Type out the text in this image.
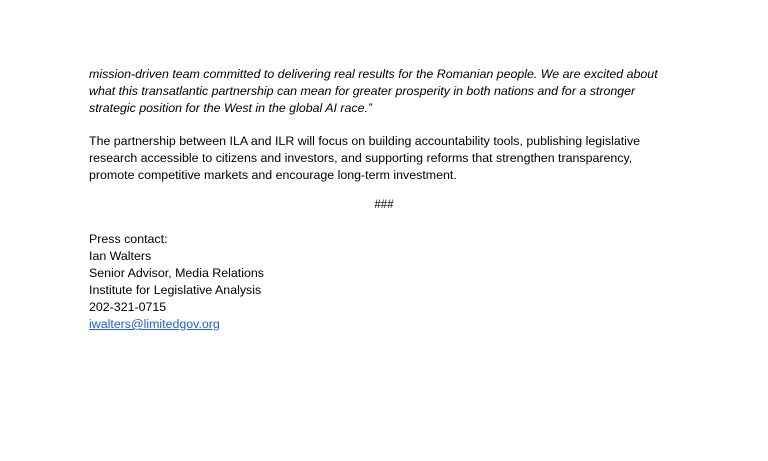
mission-driven team committed to delivering real results for the Romanian people. We are excited about
what this transatlantic partnership can mean for greater prosperity in both nations and for a stronger
strategic position for the West in the global AI race.”

The partnership between ILA and ILR will focus on building accountability tools, publishing legislative
research accessible to citizens and investors, and supporting reforms that strengthen transparency,
promote competitive markets and encourage long-term investment.

###
Press contact:
Ian Walters
Senior Advisor, Media Relations
Institute for Legislative Analysis
202-321-0715
iwalters@limitedgov.org
